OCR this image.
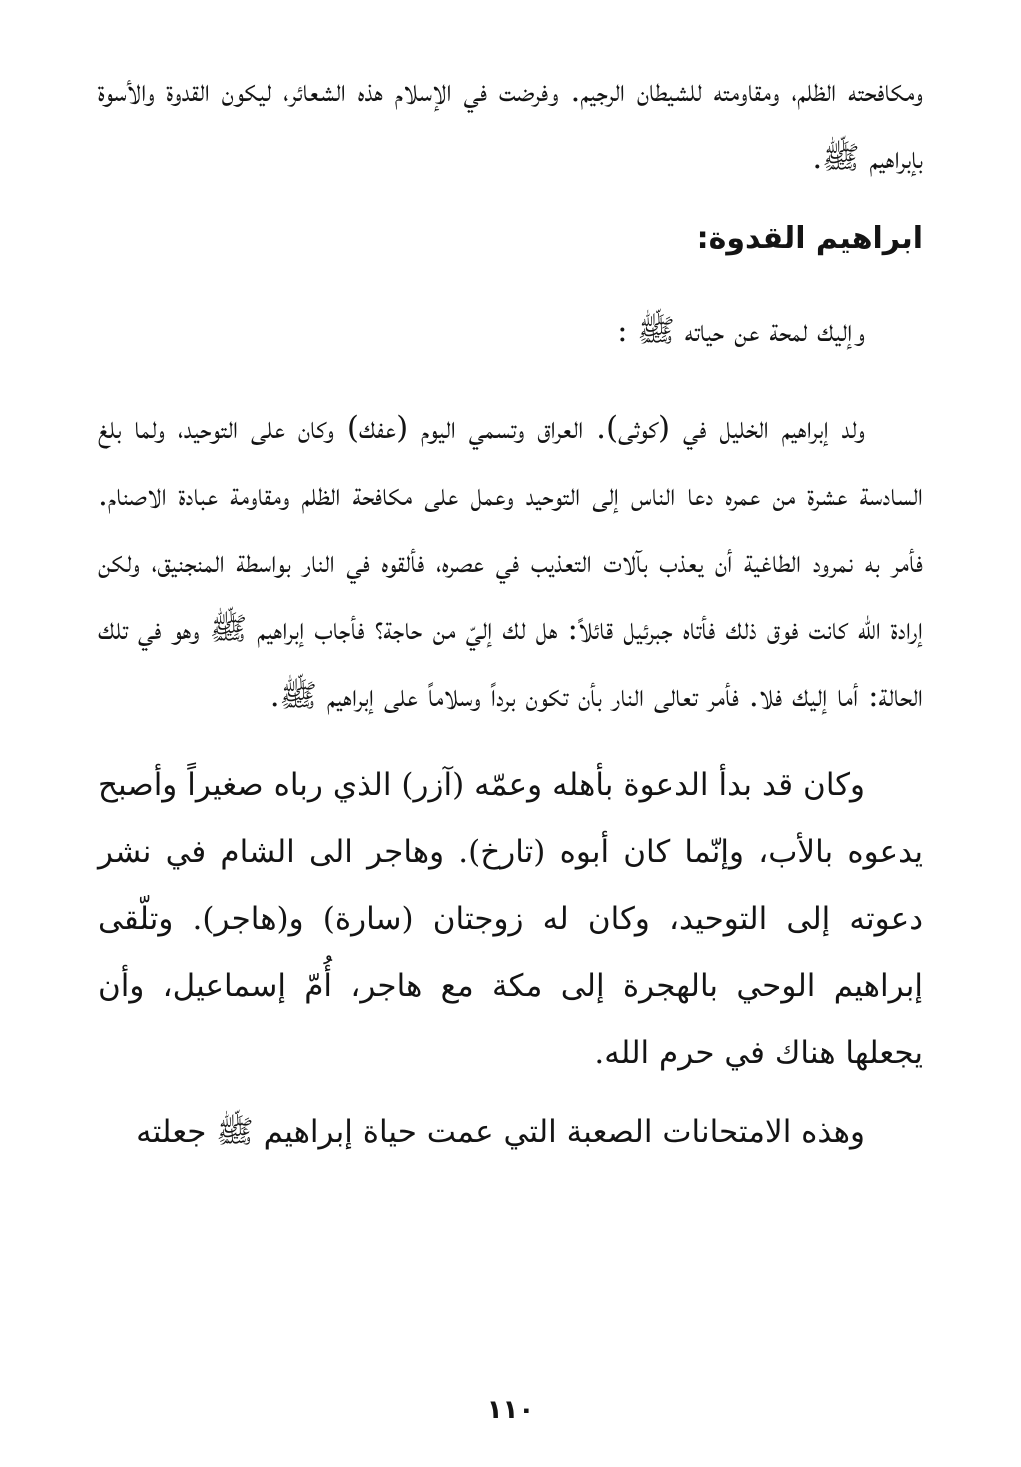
ومكافحته الظلم، ومقاومته للشيطان الرجيم. وفرضت في الإسلام هذه الشعائر، ليكون القدوة والأسوة بإبراهيم ﷺ.

ابراهيم القدوة:

وإليك لمحة عن حياته ﷺ :

ولد إبراهيم الخليل في (كوثى). العراق وتسمي اليوم (عفك) وكان على التوحيد، ولما بلغ السادسة عشرة من عمره دعا الناس إلى التوحيد وعمل على مكافحة الظلم ومقاومة عبادة الاصنام. فأمر به نمرود الطاغية أن يعذب بآلات التعذيب في عصره، فألقوه في النار بواسطة المنجنيق، ولكن إرادة الله كانت فوق ذلك فأتاه جبرئيل قائلاً: هل لك إليّ من حاجة؟ فأجاب إبراهيم ﷺ وهو في تلك الحالة: أما إليك فلا. فأمر تعالى النار بأن تكون برداً وسلاماً على إبراهيم ﷺ.

وكان قد بدأ الدعوة بأهله وعمّه (آزر) الذي رباه صغيراً وأصبح يدعوه بالأب، وإنّما كان أبوه (تارخ). وهاجر الى الشام في نشر دعوته إلى التوحيد، وكان له زوجتان (سارة) و(هاجر). وتلّقى إبراهيم الوحي بالهجرة إلى مكة مع هاجر، أُمّ إسماعيل، وأن يجعلها هناك في حرم الله.

وهذه الامتحانات الصعبة التي عمت حياة إبراهيم ﷺ جعلته

١١٠
